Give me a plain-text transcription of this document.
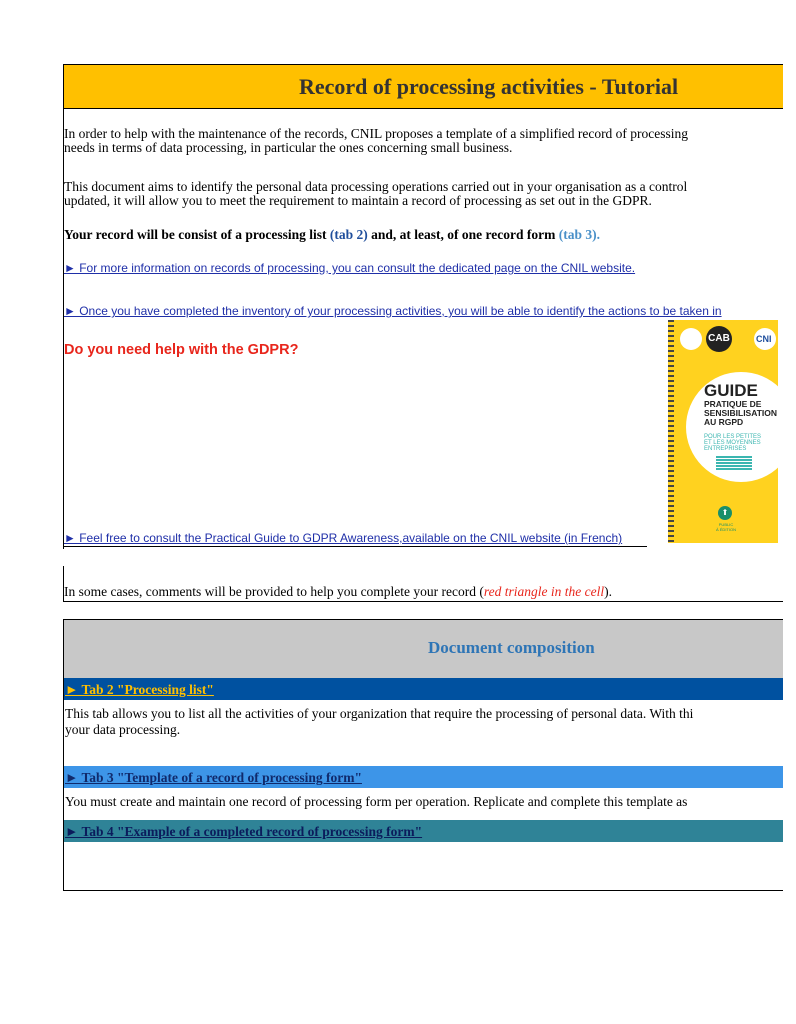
Record of processing activities - Tutorial

In order to help with the maintenance of the records, CNIL proposes a template of a simplified record of processing
needs in terms of data processing, in particular the ones concerning small business.

This document aims to identify the personal data processing operations carried out in your organisation as a control
updated, it will allow you to meet the requirement to maintain a record of processing as set out in the GDPR.

Your record will be consist of a processing list (tab 2) and, at least, of one record form (tab 3).

► For more information on records of processing, you can consult the dedicated page on the CNIL website.
► Once you have completed the inventory of your processing activities, you will be able to identify the actions to be taken in

Do you need help with the GDPR?

CAB	CNI

GUIDE

PRATIQUE DE
SENSIBILISATION
AU RGPD

POUR LES PETITES
ET LES MOYENNES
ENTREPRISES

⬆

PUBLIC
À ÉDITION

► Feel free to consult the Practical Guide to GDPR Awareness,available on the CNIL website (in French)

In some cases, comments will be provided to help you complete your record (red triangle in the cell).

Document composition
► Tab 2 "Processing list"

This tab allows you to list all the activities of your organization that require the processing of personal data. With thi
your data processing.

► Tab 3 "Template of a record of processing form"

You must create and maintain one record of processing form per operation. Replicate and complete this template as

► Tab 4 "Example of a completed record of processing form"
